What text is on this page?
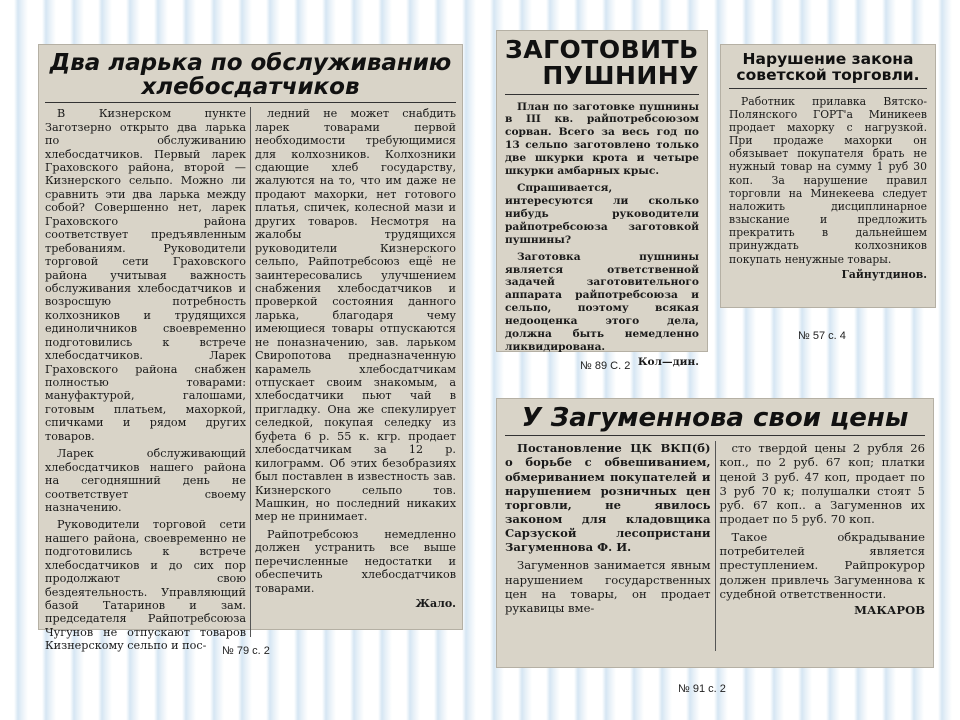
Два ларька по обслуживанию хлебосдатчиков

В Кизнерском пункте Заготзерно открыто два ларька по обслуживанию хлебосдатчиков. Первый ларек Граховского района, второй — Кизнерского сельпо. Можно ли сравнить эти два ларька между собой? Совершенно нет, ларек Граховского района соответствует предъявленным требованиям. Руководители торговой сети Граховского района учитывая важность обслуживания хлебосдатчиков и возросшую потребность колхозников и трудящихся единоличников своевременно подготовились к встрече хлебосдатчиков. Ларек Граховского района снабжен полностью товарами: мануфактурой, галошами, готовым платьем, махоркой, спичками и рядом других товаров.

Ларек обслуживающий хлебосдатчиков нашего района на сегодняшний день не соответствует своему назначению.

Руководители торговой сети нашего района, своевременно не подготовились к встрече хлебосдатчиков и до сих пор продолжают свою бездеятельность. Управляющий базой Татаринов и зам. председателя Райпотребсоюза Чугунов не отпускают товаров Кизнерскому сельпо и пос-

ледний не может снабдить ларек товарами первой необходимости требующимися для колхозников. Колхозники сдающие хлеб государству, жалуются на то, что им даже не продают махорки, нет готового платья, спичек, колесной мази и других товаров. Несмотря на жалобы трудящихся руководители Кизнерского сельпо, Райпотребсоюз ещё не заинтересовались улучшением снабжения хлебосдатчиков и проверкой состояния данного ларька, благодаря чему имеющиеся товары отпускаются не поназначению, зав. ларьком Свиропотова предназначенную карамель хлебосдатчикам отпускает своим знакомым, а хлебосдатчики пьют чай в пригладку. Она же спекулирует селедкой, покупая селедку из буфета 6 р. 55 к. кгр. продает хлебосдатчикам за 12 р. килограмм. Об этих безобразиях был поставлен в известность зав. Кизнерского сельпо тов. Машкин, но последний никаких мер не принимает.

Райпотребсоюз немедленно должен устранить все выше перечисленные недостатки и обеспечить хлебосдатчиков товарами.

Жало.
№ 79 с. 2
ЗАГОТОВИТЬ
ПУШНИНУ

План по заготовке пушнины в III кв. райпотребсоюзом сорван. Всего за весь год по 13 сельпо заготовлено только две шкурки крота и четыре шкурки амбарных крыс.

Спрашивается, интересуются ли сколько нибудь руководители райпотребсоюза заготовкой пушнины?

Заготовка пушнины является ответственной задачей заготовительного аппарата райпотребсоюза и сельпо, поэтому всякая недооценка этого дела, должна быть немедленно ликвидирована.

Кол—дин.
№ 89 С. 2
Нарушение закона советской торговли.

Работник прилавка Вятско-Полянского ГОРТ'а Миникеев продает махорку с нагрузкой. При продаже махорки он обязывает покупателя брать не нужный товар на сумму 1 руб 30 коп. За нарушение правил торговли на Минекеева следует наложить дисциплинарное взыскание и предложить прекратить в дальнейшем принуждать колхозников покупать ненужные товары.

Гайнутдинов.
№ 57 с. 4
У Загуменнова свои цены

Постановление ЦК ВКП(б) о борьбе с обвешиванием, обмериванием покупателей и нарушением розничных цен торговли, не явилось законом для кладовщика Сарзуской лесопристани Загуменнова Ф. И.

Загуменнов занимается явным нарушением государственных цен на товары, он продает рукавицы вме-

сто твердой цены 2 рубля 26 коп., по 2 руб. 67 коп; платки ценой 3 руб. 47 коп, продает по 3 руб 70 к; полушалки стоят 5 руб. 67 коп.. а Загуменнов их продает по 5 руб. 70 коп.

Такое обкрадывание потребителей является преступлением. Райпрокурор должен привлечь Загуменнова к судебной ответственности.

МАКАРОВ
№ 91 с. 2
